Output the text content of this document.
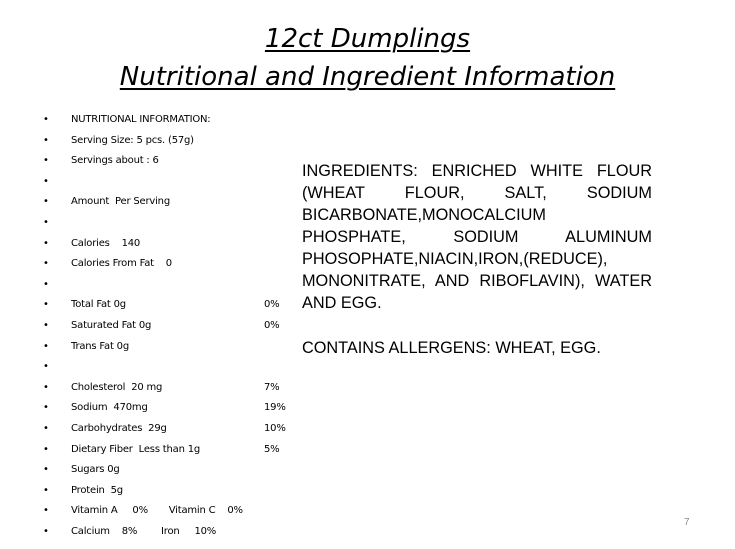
12ct Dumplings
Nutritional and Ingredient Information
• NUTRITIONAL INFORMATION:
• Serving Size: 5 pcs. (57g)
• Servings about : 6
•
• Amount  Per Serving
•
• Calories    140
• Calories From Fat    0
•
• Total Fat 0g	0%
• Saturated Fat 0g	0%
• Trans Fat 0g
•
• Cholesterol  20 mg	7%
• Sodium  470mg	19%
• Carbohydrates  29g	10%
• Dietary Fiber  Less than 1g	5%
• Sugars 0g
• Protein  5g
• Vitamin A     0%       Vitamin C    0%
• Calcium    8%        Iron     10%
INGREDIENTS: ENRICHED WHITE FLOUR (WHEAT FLOUR, SALT, SODIUM BICARBONATE,MONOCALCIUM PHOSPHATE, SODIUM ALUMINUM PHOSOPHATE,NIACIN,IRON,(REDUCE), MONONITRATE, AND RIBOFLAVIN), WATER AND EGG.
CONTAINS ALLERGENS: WHEAT, EGG.
7
